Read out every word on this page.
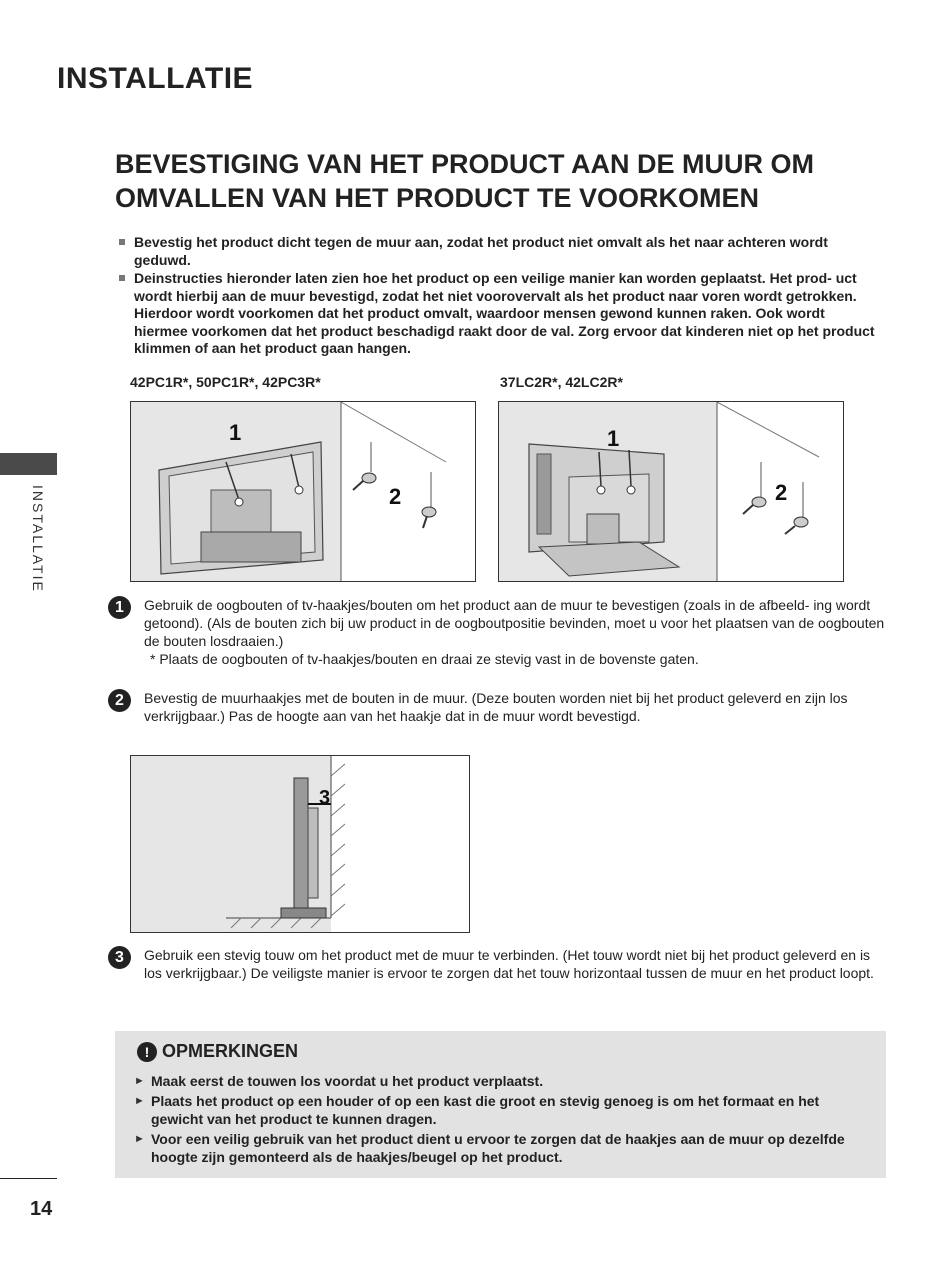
INSTALLATIE
INSTALLATIE
BEVESTIGING VAN HET PRODUCT AAN DE MUUR OM OMVALLEN VAN HET PRODUCT TE VOORKOMEN
Bevestig het product dicht tegen de muur aan, zodat het product niet omvalt als het naar achteren wordt geduwd.
Deinstructies hieronder laten zien hoe het product op een veilige manier kan worden geplaatst. Het prod- uct wordt hierbij aan de muur bevestigd, zodat het niet voorovervalt als het product naar voren wordt getrokken. Hierdoor wordt voorkomen dat het product omvalt, waardoor mensen gewond kunnen raken. Ook wordt hiermee voorkomen dat het product beschadigd raakt door de val. Zorg ervoor dat kinderen niet op het product klimmen of aan het product gaan hangen.
42PC1R*, 50PC1R*, 42PC3R*	37LC2R*, 42LC2R*
1
2
1
2
1	Gebruik de oogbouten of tv-haakjes/bouten om het product aan de muur te bevestigen (zoals in de afbeeld- ing wordt getoond). (Als de bouten zich bij uw product in de oogboutpositie bevinden, moet u voor het plaatsen van de oogbouten de bouten losdraaien.)
* Plaats de oogbouten of tv-haakjes/bouten en draai ze stevig vast in de bovenste gaten.
2	Bevestig de muurhaakjes met de bouten in de muur. (Deze bouten worden niet bij het product geleverd en zijn los verkrijgbaar.) Pas de hoogte aan van het haakje dat in de muur wordt bevestigd.
3
3	Gebruik een stevig touw om het product met de muur te verbinden. (Het touw wordt niet bij het product geleverd en is los verkrijgbaar.) De veiligste manier is ervoor te zorgen dat het touw horizontaal tussen de muur en het product loopt.
! OPMERKINGEN
► Maak eerst de touwen los voordat u het product verplaatst.
► Plaats het product op een houder of op een kast die groot en stevig genoeg is om het formaat en het gewicht van het product te kunnen dragen.
► Voor een veilig gebruik van het product dient u ervoor te zorgen dat de haakjes aan de muur op dezelfde hoogte zijn gemonteerd als de haakjes/beugel op het product.
14
